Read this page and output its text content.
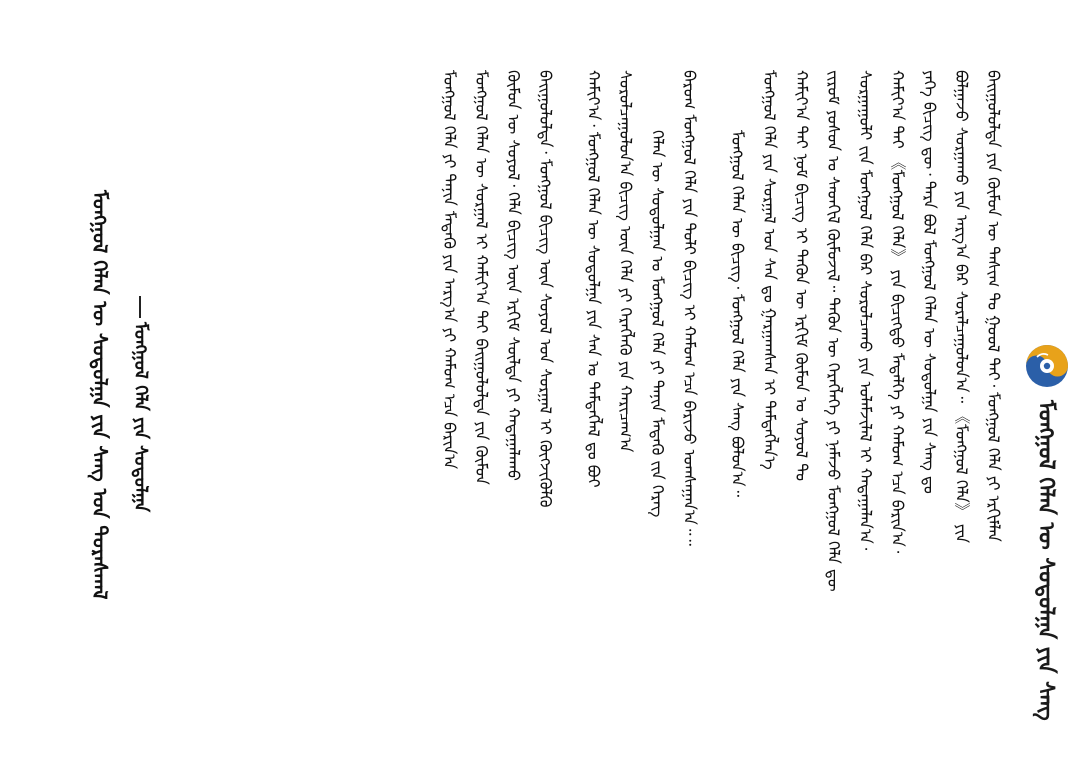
ᠮᠣᠩᠭᠣᠯ ᠬᠡᠯᠡᠨ ᠦ ᠰᠤᠳᠤᠯᠭᠠ ᠶᠢᠨ ᠰᠠᠩ
ᠪᠠᠢᠭᠤᠯᠤᠯᠲᠠ ᠶᠢᠨ ᠬᠦᠮᠦᠨ ᠦ ᠳᠠᠰᠢᠭ ᠲᠤ ᠭᠤᠤᠯ ᠲᠠᠢ᠂ ᠮᠣᠩᠭᠣᠯ ᠬᠡᠯᠡ ᠶᠢ ᠡᠷᠬᠢᠮᠯᠡᠨ
ᠪᠣᠯᠭᠠᠵᠤ ᠰᠤᠷᠭᠠᠬᠤ ᠶᠢᠨ ᠠᠷᠭ᠎ᠠ ᠪᠠᠷ ᠰᠤᠷᠠᠯᠴᠠᠭᠤᠯᠤᠨ᠎ᠠ᠃ 《ᠮᠣᠩᠭᠣᠯ ᠬᠡᠯᠡ》 ᠶᠢᠨ
ᠶᠡᠬᠡ ᠪᠢᠴᠢᠭ ᠳᠦ᠂ ᠲᠡᠷᠡ ᠪᠣᠯ ᠮᠣᠩᠭᠣᠯ ᠬᠡᠯᠡᠨ ᠦ ᠰᠤᠳᠤᠯᠭᠠ ᠶᠢᠨ ᠰᠠᠩ ᠳᠤ
ᠬᠠᠮᠢᠶ᠎ᠠ ᠲᠠᠢ 《ᠮᠣᠩᠭᠣᠯ ᠬᠡᠯᠡ》 ᠶᠢᠨ ᠪᠢᠴᠢᠭᠲᠦ ᠮᠡᠳᠡᠯᠭᠡ ᠶᠢ ᠬᠠᠮᠤᠭ ᠡᠴᠡ ᠪᠠᠷᠢᠨ᠎ᠠ᠂
ᠰᠤᠷᠭᠠᠭᠤᠯᠢ ᠵᠢᠨ ᠮᠣᠩᠭᠣᠯ ᠬᠡᠯᠡ ᠪᠡᠷ ᠰᠤᠷᠤᠯᠴᠠᠬᠤ ᠶᠢᠨ ᠤᠯᠠᠮᠵᠢᠯᠠᠯ ᠢ ᠬᠠᠳᠠᠭᠠᠯᠠᠨ᠎ᠠ᠂
ᠵᠢᠷᠤᠮ ᠶᠤᠰᠤᠨ ᠤ ᠰᠡᠳᠬᠢᠯ ᠬᠦᠮᠦᠵᠢᠯ᠃ ᠲᠡᠭᠦᠨ ᠦ ᠬᠡᠷᠡᠭᠯᠡᠭᠡ ᠶᠢ ᠨᠡᠮᠡᠵᠦ ᠮᠣᠩᠭᠣᠯ ᠬᠡᠯᠡ ᠳᠦ
ᠬᠠᠮᠢᠶ᠎ᠠ ᠲᠠᠢ ᠨᠣᠮ ᠪᠢᠴᠢᠭ ᠢ ᠲᠡᠭᠦᠨ ᠦ ᠡᠷᠬᠢᠮ ᠬᠦᠮᠦᠨ ᠤ ᠰᠣᠶᠤᠯ ᠲᠤ
ᠮᠣᠩᠭᠣᠯ ᠬᠡᠯᠡ ᠶᠢᠨ ᠰᠤᠷᠭᠠᠯ ᠤᠨ ᠰᠠᠨ ᠳᠤ ᠭᠠᠷᠭᠠᠭᠰᠠᠨ ᠢ ᠲᠡᠮᠳᠡᠭᠯᠡᠨ᠎ᠡ
ᠮᠣᠩᠭᠣᠯ ᠬᠡᠯᠡᠨ ᠦ ᠪᠢᠴᠢᠭ᠂ ᠮᠣᠩᠭᠣᠯ ᠬᠡᠯᠡ ᠶᠢᠨ ᠰᠠᠩ ᠪᠣᠯᠤᠨ᠎ᠠ᠃
ᠪᠠᠷᠤᠭ ᠮᠣᠩᠭᠣᠯ ᠬᠡᠯᠡ ᠶᠢᠨ ᠲᠣᠯᠢ ᠪᠢᠴᠢᠭ ᠢ ᠬᠠᠮᠤᠭ ᠡᠴᠡ ᠪᠠᠷᠢᠵᠤ ᠤᠭᠰᠠᠭᠠᠨ᠎ᠠ᠃᠃
ᠬᠡᠯᠡᠨ ᠦ ᠰᠤᠳᠤᠯᠭᠠᠨ ᠤ ᠮᠣᠩᠭᠣᠯ ᠬᠡᠯᠡ ᠶᠢ ᠲᠠᠨᠢᠨ ᠮᠡᠳᠡᠬᠦ ᠵᠢᠨ ᠬᠡᠷᠡᠭ
ᠰᠤᠷᠤᠯᠴᠠᠭᠤᠯᠤᠨ᠎ᠠ ᠪᠢᠴᠢᠭ ᠦᠨ ᠬᠡᠯᠡ ᠶᠢ ᠬᠡᠷᠡᠭᠯᠡᠬᠦ ᠶᠢᠨ ᠬᠠᠷᠢᠴᠠᠭ᠎ᠠ
ᠬᠠᠮᠢᠶ᠎ᠠ᠂ ᠮᠣᠩᠭᠣᠯ ᠬᠡᠯᠡᠨ ᠦ ᠰᠤᠳᠤᠯᠭᠠ ᠶᠢᠨ ᠰᠠᠨ ᠤ ᠲᠡᠮᠳᠡᠭᠯᠡᠯ ᠳᠤ ᠪᠤᠢ
ᠪᠠᠢᠭᠤᠯᠤᠯᠲᠠ᠂ ᠮᠣᠩᠭᠣᠯ ᠪᠢᠴᠢᠭ ᠦᠨ ᠰᠣᠶᠤᠯ ᠤᠨ ᠰᠤᠷᠭᠠᠯ ᠢ ᠬᠥᠭᠵᠢᠭᠦᠯᠬᠦ
ᠬᠦᠮᠦᠨ ᠦ ᠰᠣᠶᠤᠯ᠂ ᠬᠡᠯᠡ ᠪᠢᠴᠢᠭ ᠦᠨ ᠡᠷᠬᠢᠮ ᠰᠦᠯᠳᠡ ᠶᠢ ᠬᠠᠳᠠᠭᠠᠯᠠᠬᠤ
ᠮᠣᠩᠭᠣᠯ ᠬᠡᠯᠡᠨ ᠦ ᠰᠤᠷᠭᠠᠯ ᠢ ᠬᠠᠮᠢᠶ᠎ᠠ ᠲᠠᠢ ᠪᠠᠢᠭᠤᠯᠤᠯᠲᠠ ᠶᠢᠨ ᠬᠦᠮᠦᠨ
ᠮᠣᠩᠭᠣᠯ ᠬᠡᠯᠡ ᠶᠢ ᠲᠠᠨᠢᠨ ᠮᠡᠳᠡᠬᠦ ᠶᠢᠨ ᠠᠷᠭ᠎ᠠ ᠶᠢ ᠬᠠᠮᠤᠭ ᠡᠴᠡ ᠪᠠᠷᠢᠨ᠎ᠠ
ᠮᠣᠩᠭᠣᠯ ᠬᠡᠯᠡᠨ ᠦ ᠰᠤᠳᠤᠯᠭᠠ ᠶᠢᠨ ᠰᠠᠩ ᠤᠨ ᠳᠤᠷᠠᠰᠬᠠᠯ ᠮᠣᠩᠭᠣᠯ ᠬᠡᠯᠡ ᠶᠢᠨ ᠰᠤᠳᠤᠯᠭᠠ
